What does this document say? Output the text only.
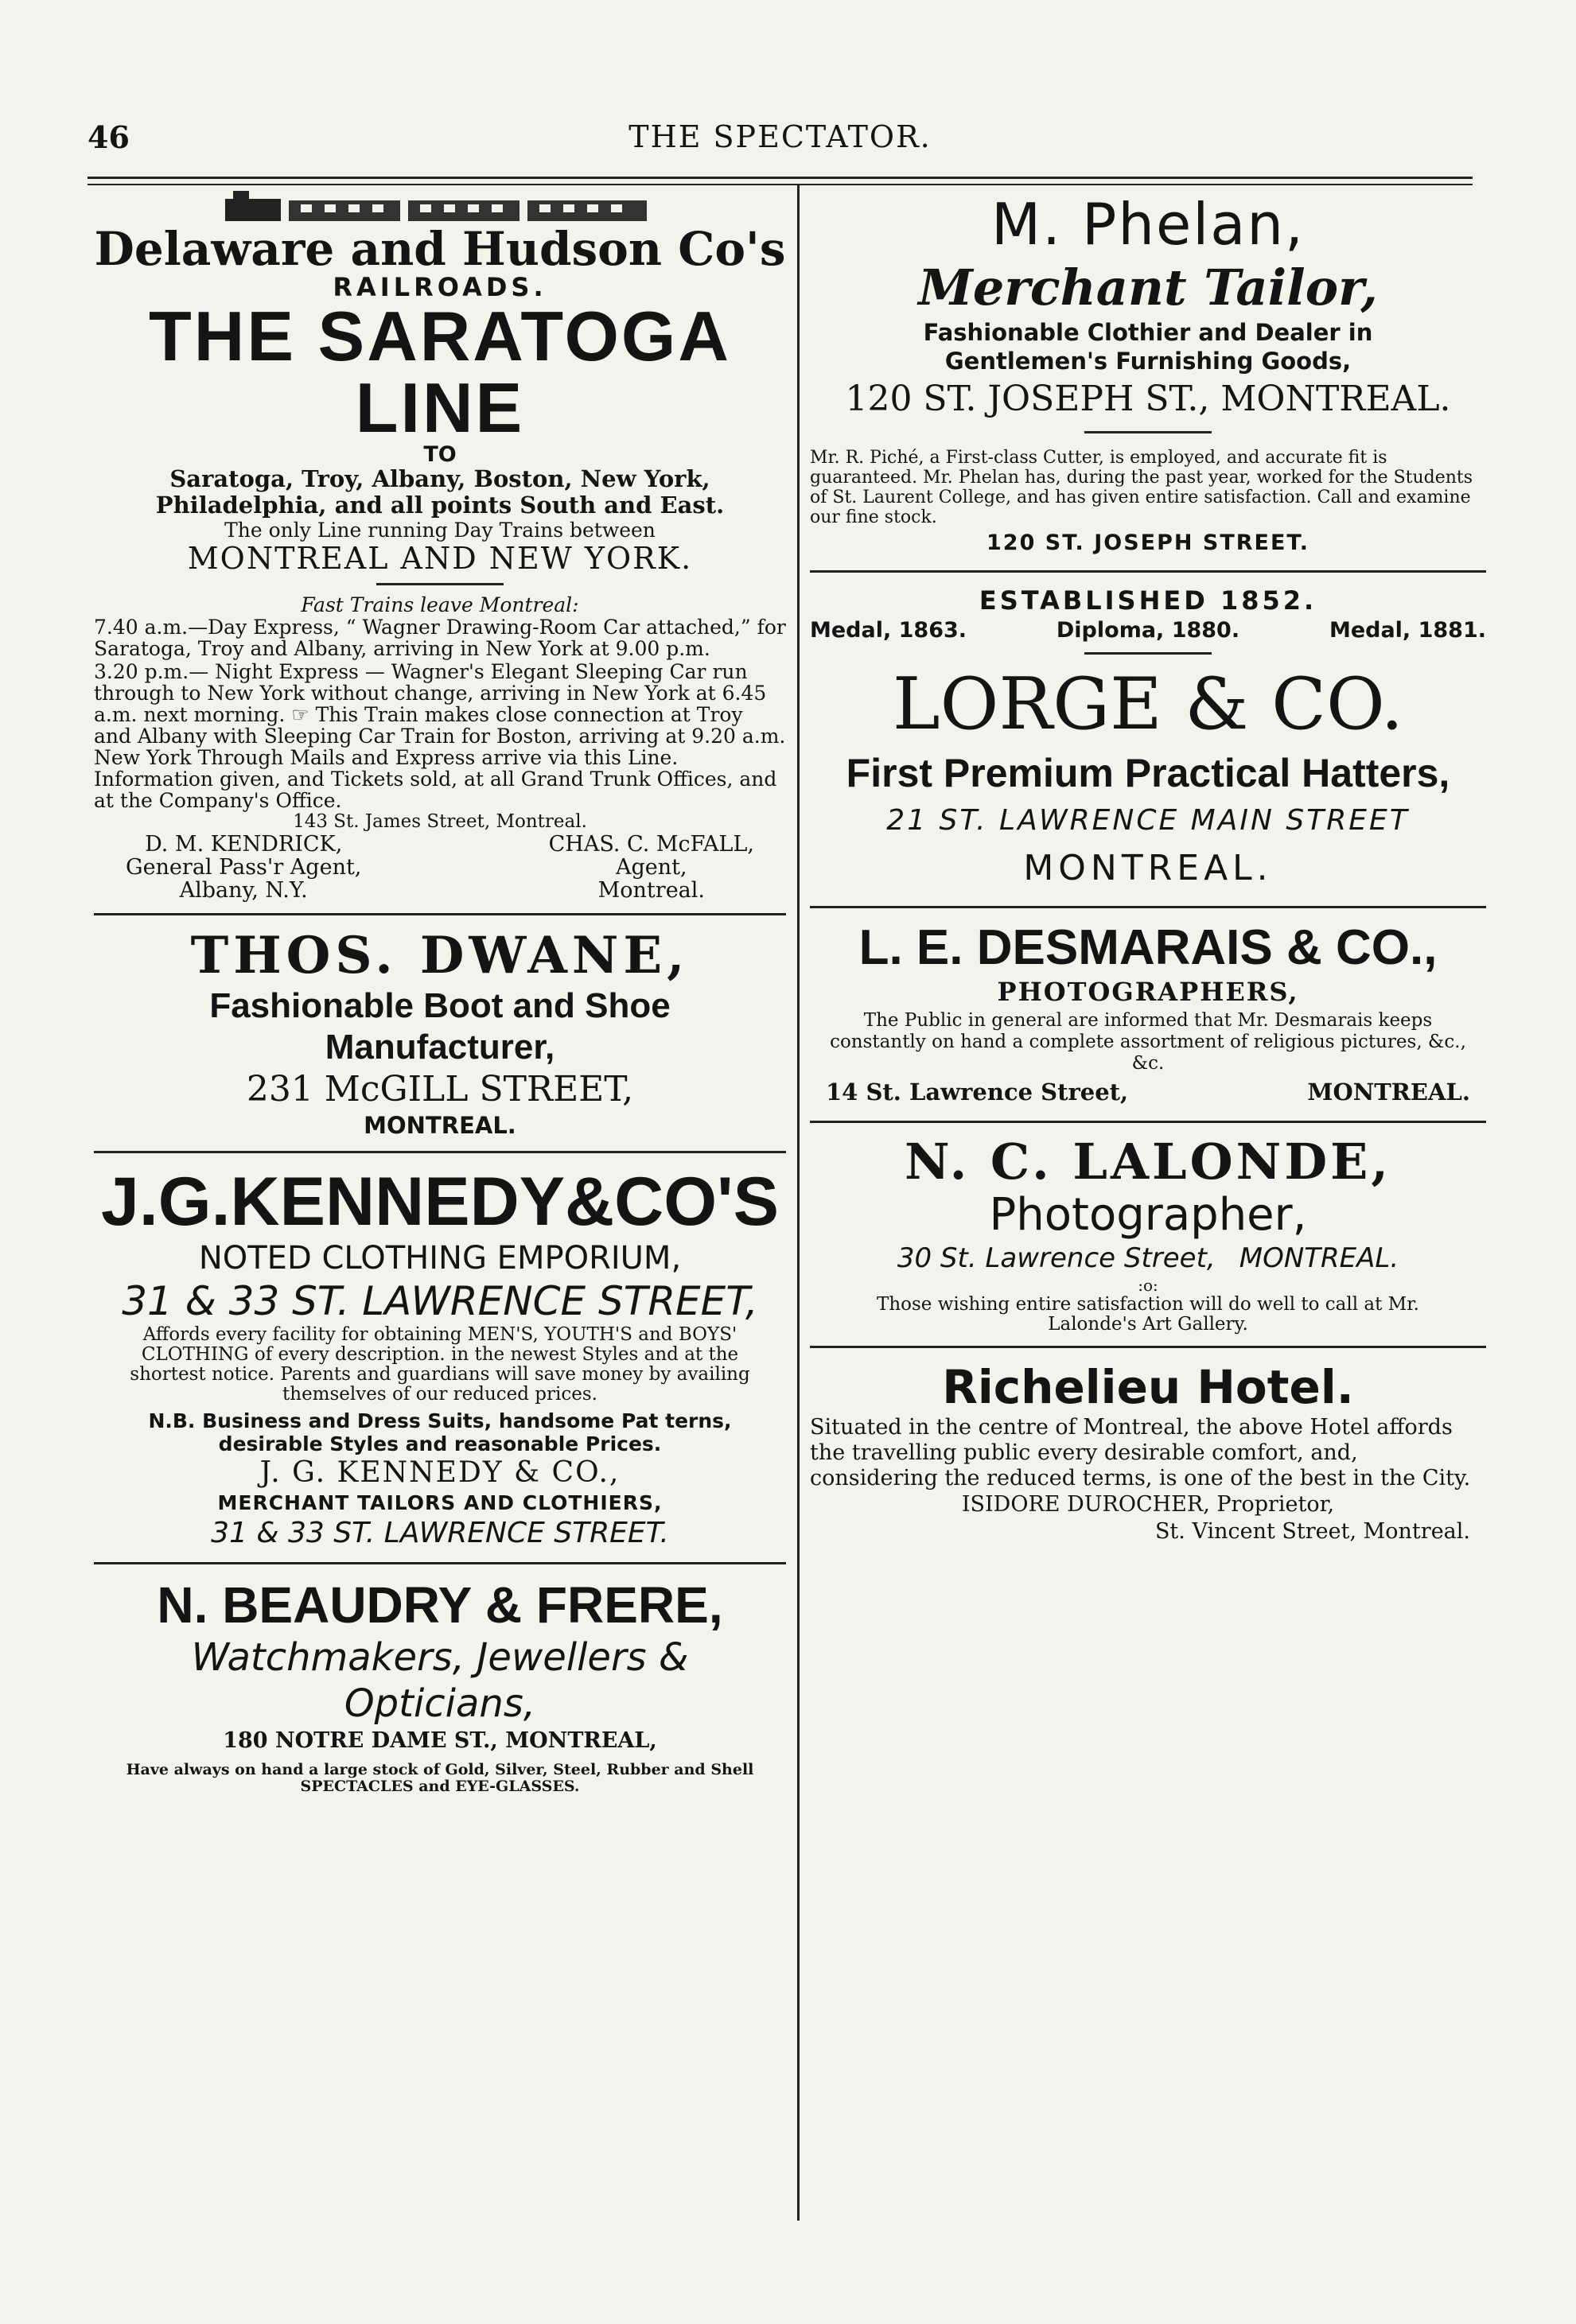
46	THE SPECTATOR.

Delaware and Hudson Co's

RAILROADS.

THE SARATOGA LINE

TO

Saratoga, Troy, Albany, Boston, New York,

Philadelphia, and all points South and East.

The only Line running Day Trains between

MONTREAL AND NEW YORK.

Fast Trains leave Montreal:

7.40 a.m.—Day Express, “ Wagner Drawing-Room Car attached,” for Saratoga, Troy and Albany, arriving in New York at 9.00 p.m.

3.20 p.m.— Night Express — Wagner's Elegant Sleeping Car run through to New York without change, arriving in New York at 6.45 a.m. next morning. ☞ This Train makes close connection at Troy and Albany with Sleeping Car Train for Boston, arriving at 9.20 a.m.

New York Through Mails and Express arrive via this Line.

Information given, and Tickets sold, at all Grand Trunk Offices, and at the Company's Office.

143 St. James Street, Montreal.

D. M. KENDRICK,
General Pass'r Agent,
Albany, N.Y.
CHAS. C. McFALL,
Agent,
Montreal.

THOS. DWANE,

Fashionable Boot and Shoe Manufacturer,

231 McGILL STREET,

MONTREAL.

J.G.KENNEDY&CO'S

NOTED CLOTHING EMPORIUM,

31 & 33 ST. LAWRENCE STREET,

Affords every facility for obtaining MEN'S, YOUTH'S and BOYS' CLOTHING of every description. in the newest Styles and at the shortest notice. Parents and guardians will save money by availing themselves of our reduced prices.

N.B. Business and Dress Suits, handsome Pat terns, desirable Styles and reasonable Prices.

J. G. KENNEDY & CO.,

MERCHANT TAILORS AND CLOTHIERS,

31 & 33 ST. LAWRENCE STREET.

N. BEAUDRY & FRERE,

Watchmakers, Jewellers & Opticians,

180 NOTRE DAME ST., MONTREAL,

Have always on hand a large stock of Gold, Silver, Steel, Rubber and Shell SPECTACLES and EYE-GLASSES.

M. Phelan,

Merchant Tailor,

Fashionable Clothier and Dealer in

Gentlemen's Furnishing Goods,

120 ST. JOSEPH ST., MONTREAL.

Mr. R. Piché, a First-class Cutter, is employed, and accurate fit is guaranteed. Mr. Phelan has, during the past year, worked for the Students of St. Laurent College, and has given entire satisfaction. Call and examine our fine stock.

120 ST. JOSEPH STREET.

ESTABLISHED 1852.

Medal, 1863.	Diploma, 1880.	Medal, 1881.

LORGE & CO.

First Premium Practical Hatters,

21 ST. LAWRENCE MAIN STREET

MONTREAL.

L. E. DESMARAIS & CO.,

PHOTOGRAPHERS,

The Public in general are informed that Mr. Desmarais keeps constantly on hand a complete assortment of religious pictures, &c., &c.

14 St. Lawrence Street,	MONTREAL.

N. C. LALONDE,

Photographer,

30 St. Lawrence Street, MONTREAL.

:o:

Those wishing entire satisfaction will do well to call at Mr. Lalonde's Art Gallery.

Richelieu Hotel.

Situated in the centre of Montreal, the above Hotel affords the travelling public every desirable comfort, and, considering the reduced terms, is one of the best in the City.

ISIDORE DUROCHER, Proprietor,

St. Vincent Street, Montreal.
